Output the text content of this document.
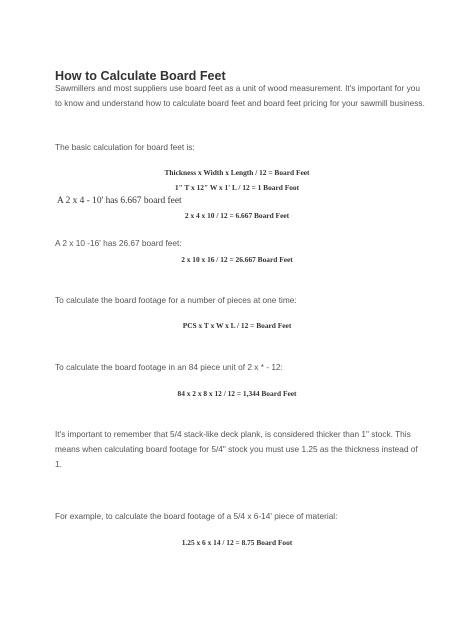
How to Calculate Board Feet
Sawmillers and most suppliers use board feet as a unit of wood measurement. It's important for you to know and understand how to calculate board feet and board feet pricing for your sawmill business.
The basic calculation for board feet is:
Thickness x Width x Length / 12 = Board Feet
1" T x 12" W x 1' L / 12 = 1 Board Foot
A 2 x 4 - 10' has 6.667 board feet
2 x 4 x 10 / 12 = 6.667 Board Feet
A 2 x 10 -16' has 26.67 board feet:
2 x 10 x 16 / 12 = 26.667 Board Feet
To calculate the board footage for a number of pieces at one time:
PCS x T x W x L / 12 = Board Feet
To calculate the board footage in an 84 piece unit of 2 x * - 12:
84 x 2 x 8 x 12 / 12 = 1,344 Board Feet
It's important to remember that 5/4 stack-like deck plank, is considered thicker than 1" stock. This means when calculating board footage for 5/4" stock you must use 1.25 as the thickness instead of 1.
For example, to calculate the board footage of a 5/4 x 6-14' piece of material:
1.25 x 6 x 14 / 12 = 8.75 Board Foot
